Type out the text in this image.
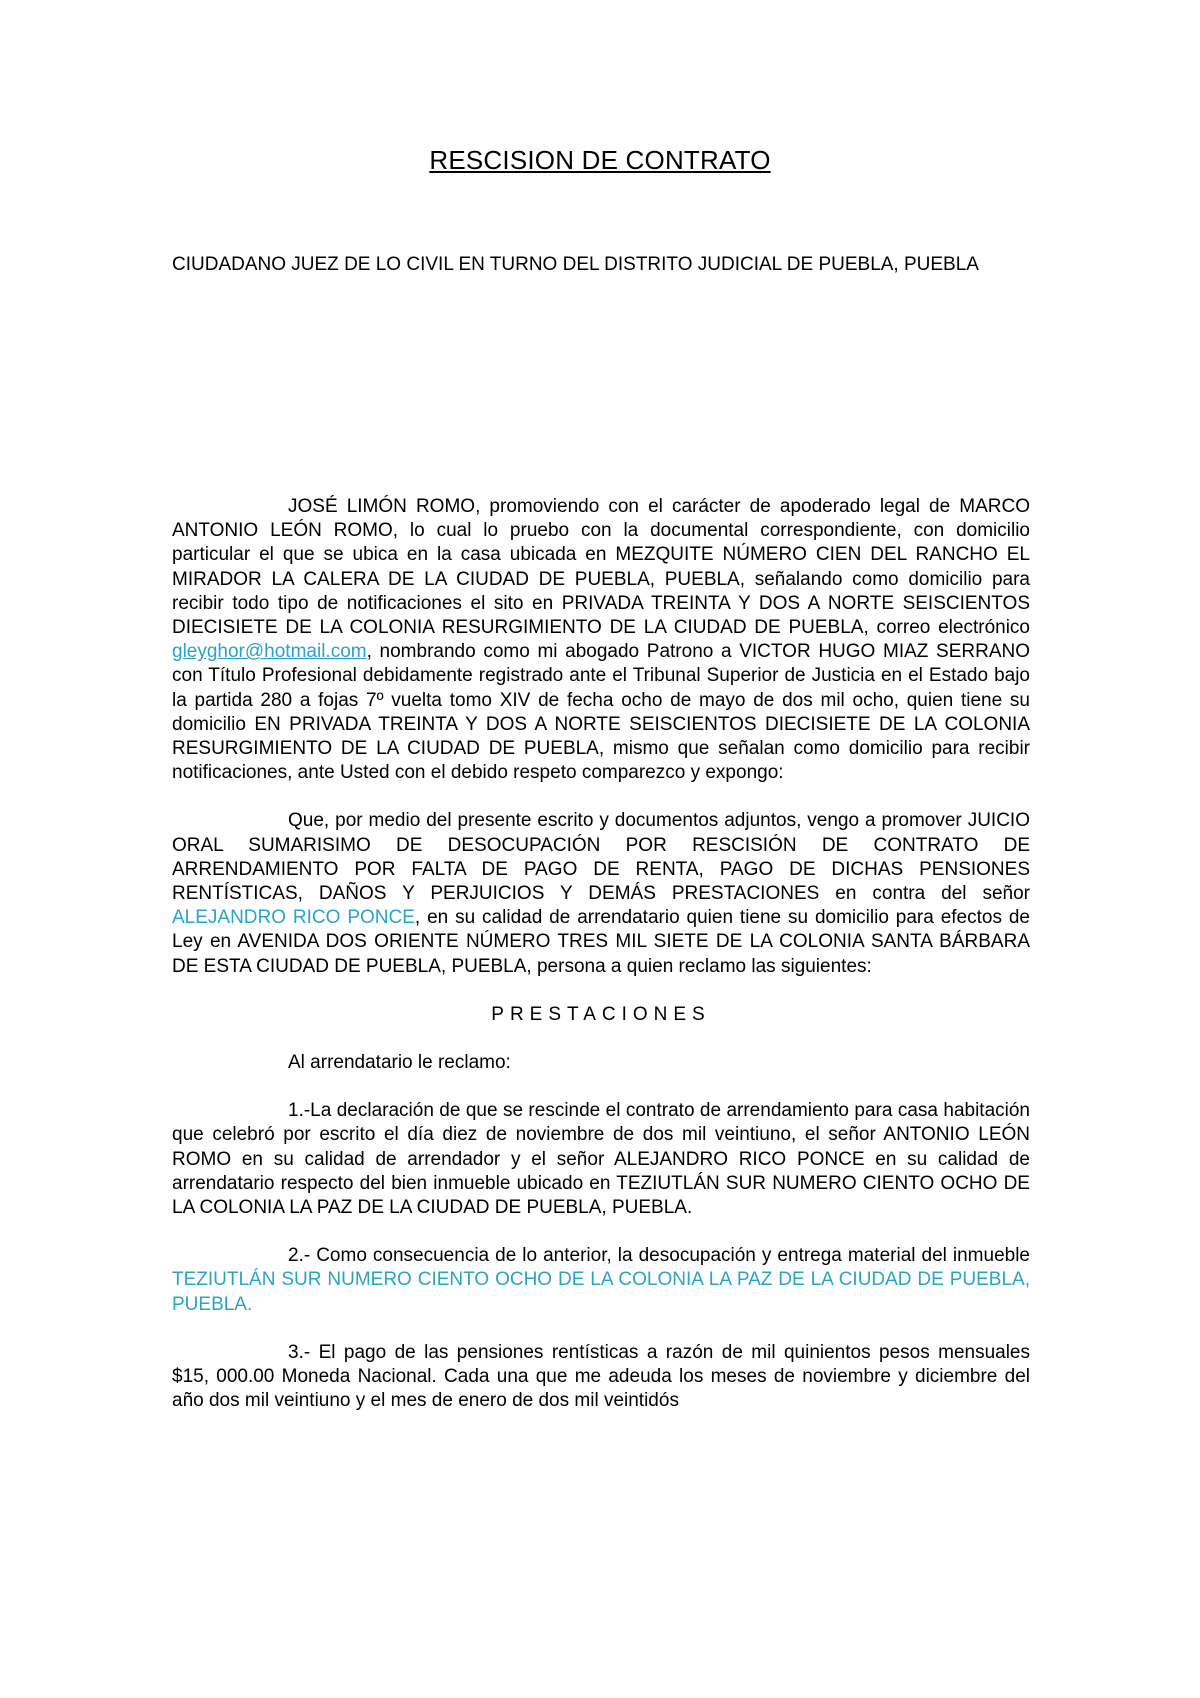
RESCISION DE CONTRATO
CIUDADANO JUEZ DE LO CIVIL EN TURNO DEL DISTRITO JUDICIAL DE PUEBLA, PUEBLA

JOSÉ LIMÓN ROMO, promoviendo con el carácter de apoderado legal de MARCO ANTONIO LEÓN ROMO, lo cual lo pruebo con la documental correspondiente, con domicilio particular el que se ubica en la casa ubicada en MEZQUITE NÚMERO CIEN DEL RANCHO EL MIRADOR LA CALERA DE LA CIUDAD DE PUEBLA, PUEBLA, señalando como domicilio para recibir todo tipo de notificaciones el sito en PRIVADA TREINTA Y DOS A NORTE SEISCIENTOS DIECISIETE DE LA COLONIA RESURGIMIENTO DE LA CIUDAD DE PUEBLA, correo electrónico gleyghor@hotmail.com, nombrando como mi abogado Patrono a VICTOR HUGO MIAZ SERRANO con Título Profesional debidamente registrado ante el Tribunal Superior de Justicia en el Estado bajo la partida 280 a fojas 7º vuelta tomo XIV de fecha ocho de mayo de dos mil ocho, quien tiene su domicilio EN PRIVADA TREINTA Y DOS A NORTE SEISCIENTOS DIECISIETE DE LA COLONIA RESURGIMIENTO DE LA CIUDAD DE PUEBLA, mismo que señalan como domicilio para recibir notificaciones, ante Usted con el debido respeto comparezco y expongo:

Que, por medio del presente escrito y documentos adjuntos, vengo a promover JUICIO ORAL SUMARISIMO DE DESOCUPACIÓN POR RESCISIÓN DE CONTRATO DE ARRENDAMIENTO POR FALTA DE PAGO DE RENTA, PAGO DE DICHAS PENSIONES RENTÍSTICAS, DAÑOS Y PERJUICIOS Y DEMÁS PRESTACIONES en contra del señor ALEJANDRO RICO PONCE, en su calidad de arrendatario quien tiene su domicilio para efectos de Ley en AVENIDA DOS ORIENTE NÚMERO TRES MIL SIETE DE LA COLONIA SANTA BÁRBARA DE ESTA CIUDAD DE PUEBLA, PUEBLA, persona a quien reclamo las siguientes:

PRESTACIONES

Al arrendatario le reclamo:

1.-La declaración de que se rescinde el contrato de arrendamiento para casa habitación que celebró por escrito el día diez de noviembre de dos mil veintiuno, el señor ANTONIO LEÓN ROMO en su calidad de arrendador y el señor ALEJANDRO RICO PONCE en su calidad de arrendatario respecto del bien inmueble ubicado en TEZIUTLÁN SUR NUMERO CIENTO OCHO DE LA COLONIA LA PAZ DE LA CIUDAD DE PUEBLA, PUEBLA.

2.- Como consecuencia de lo anterior, la desocupación y entrega material del inmueble TEZIUTLÁN SUR NUMERO CIENTO OCHO DE LA COLONIA LA PAZ DE LA CIUDAD DE PUEBLA, PUEBLA.

3.- El pago de las pensiones rentísticas a razón de mil quinientos pesos mensuales $15, 000.00 Moneda Nacional. Cada una que me adeuda los meses de noviembre y diciembre del año dos mil veintiuno y el mes de enero de dos mil veintidós
